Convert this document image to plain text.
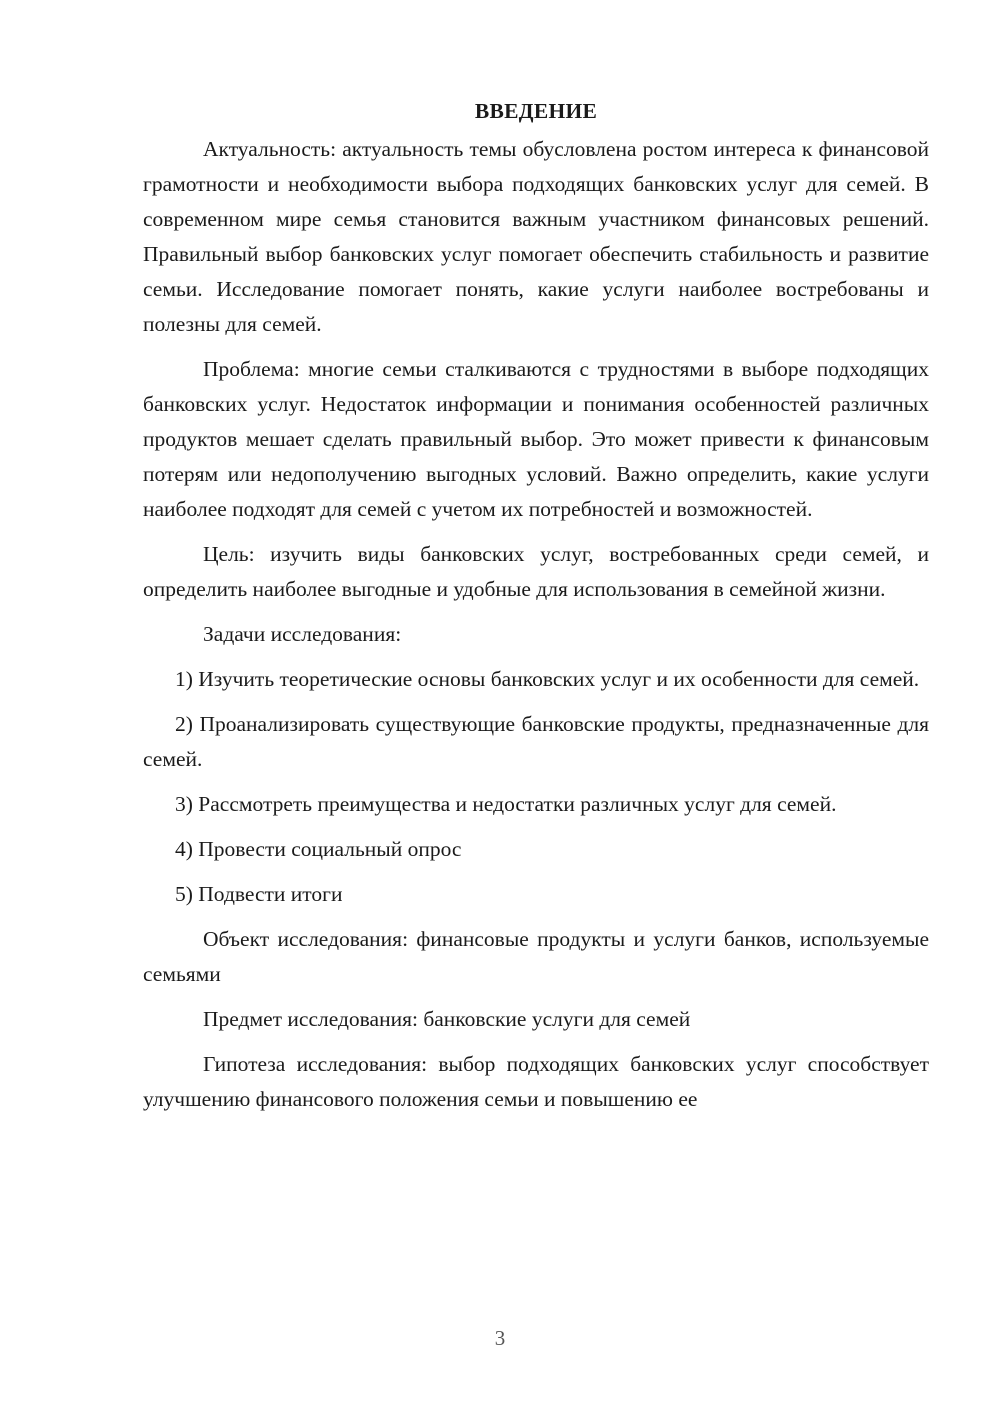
ВВЕДЕНИЕ

Актуальность: актуальность темы обусловлена ростом интереса к финансовой грамотности и необходимости выбора подходящих банковских услуг для семей. В современном мире семья становится важным участником финансовых решений. Правильный выбор банковских услуг помогает обеспечить стабильность и развитие семьи. Исследование помогает понять, какие услуги наиболее востребованы и полезны для семей.

Проблема: многие семьи сталкиваются с трудностями в выборе подходящих банковских услуг. Недостаток информации и понимания особенностей различных продуктов мешает сделать правильный выбор. Это может привести к финансовым потерям или недополучению выгодных условий. Важно определить, какие услуги наиболее подходят для семей с учетом их потребностей и возможностей.

Цель: изучить виды банковских услуг, востребованных среди семей, и определить наиболее выгодные и удобные для использования в семейной жизни.

Задачи исследования:

1) Изучить теоретические основы банковских услуг и их особенности для семей.

2) Проанализировать существующие банковские продукты, предназначенные для семей.

3) Рассмотреть преимущества и недостатки различных услуг для семей.

4) Провести социальный опрос

5) Подвести итоги

Объект исследования: финансовые продукты и услуги банков, используемые семьями

Предмет исследования: банковские услуги для семей

Гипотеза исследования: выбор подходящих банковских услуг способствует улучшению финансового положения семьи и повышению ее

3
